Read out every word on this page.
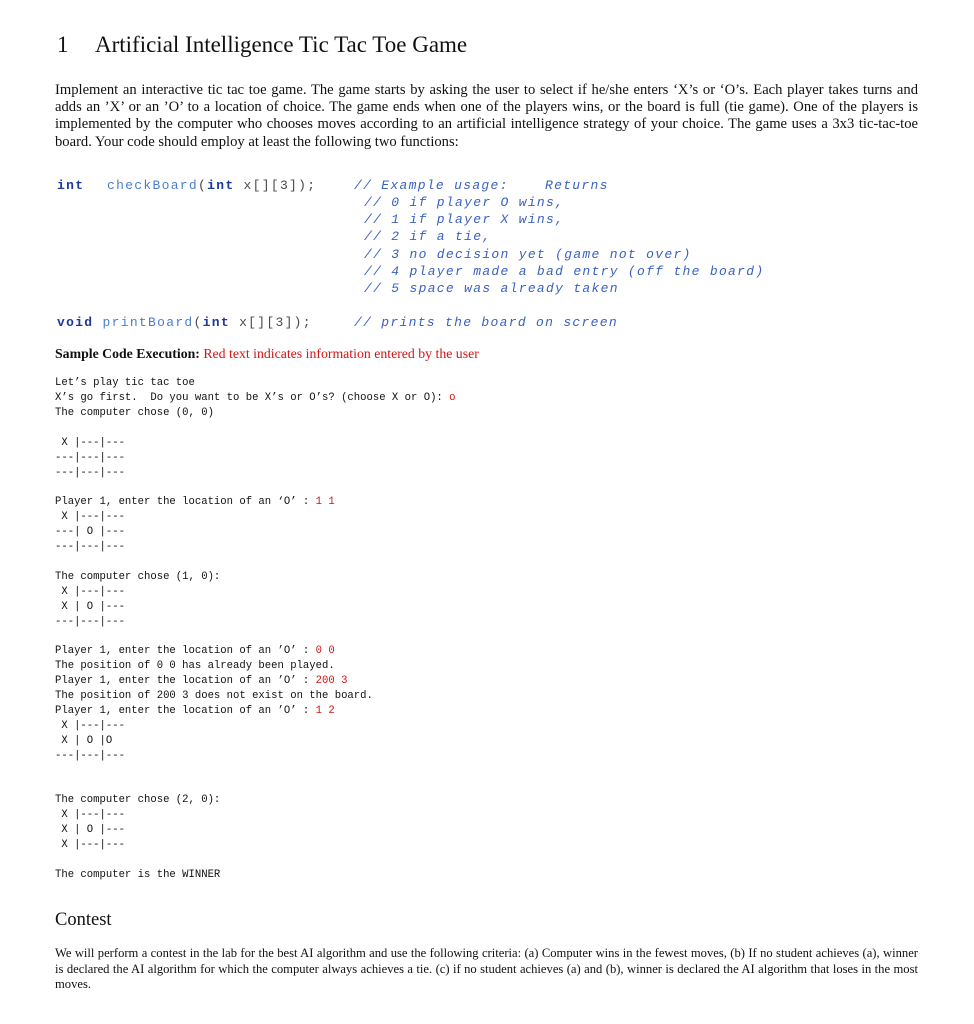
1 Artificial Intelligence Tic Tac Toe Game
Implement an interactive tic tac toe game. The game starts by asking the user to select if he/she enters ‘X’s or ‘O’s. Each player takes turns and adds an ’X’ or an ’O’ to a location of choice. The game ends when one of the players wins, or the board is full (tie game). One of the players is implemented by the computer who chooses moves according to an artificial intelligence strategy of your choice. The game uses a 3x3 tic-tac-toe board. Your code should employ at least the following two functions:
int checkBoard(int x[][3]);	// Example usage:	Returns
// 0 if player O wins,
// 1 if player X wins,
// 2 if a tie,
// 3 no decision yet (game not over)
// 4 player made a bad entry (off the board)
// 5 space was already taken
void printBoard(int x[][3]);	// prints the board on screen
Sample Code Execution: Red text indicates information entered by the user
Let’s play tic tac toe
X’s go first.  Do you want to be X’s or O’s? (choose X or O): o
The computer chose (0, 0)
X |---|---
---|---|---
---|---|---
Player 1, enter the location of an ‘O’ : 1 1
X |---|---
---| O |---
---|---|---
The computer chose (1, 0):
X |---|---
X | O |---
---|---|---
Player 1, enter the location of an ’O’ : 0 0
The position of 0 0 has already been played.
Player 1, enter the location of an ’O’ : 200 3
The position of 200 3 does not exist on the board.
Player 1, enter the location of an ’O’ : 1 2
X |---|---
X | O |O
---|---|---
The computer chose (2, 0):
X |---|---
X | O |---
X |---|---
The computer is the WINNER
Contest
We will perform a contest in the lab for the best AI algorithm and use the following criteria: (a) Computer wins in the fewest moves, (b) If no student achieves (a), winner is declared the AI algorithm for which the computer always achieves a tie. (c) if no student achieves (a) and (b), winner is declared the AI algorithm that loses in the most moves.
